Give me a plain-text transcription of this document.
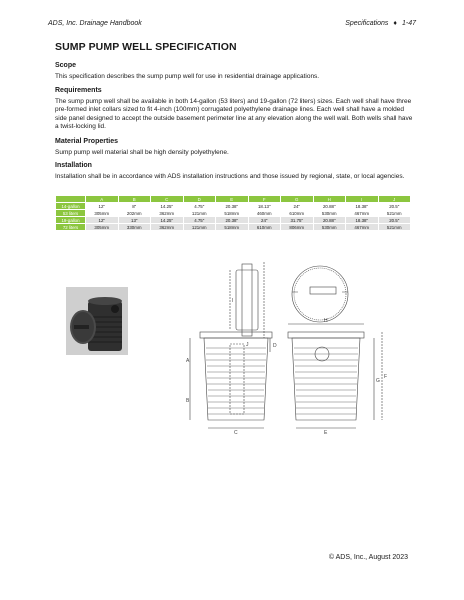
ADS, Inc. Drainage Handbook	Specifications ♦ 1-47
SUMP PUMP WELL SPECIFICATION
Scope

This specification describes the sump pump well for use in residential drainage applications.

Requirements

The sump pump well shall be available in both 14-gallon (53 liters) and 19-gallon (72 liters) sizes. Each well shall have three pre-formed inlet collars sized to fit 4-inch (100mm) corrugated polyethylene drainage lines. Each well shall have a molded side panel designed to accept the outside basement perimeter line at any elevation along the well wall. Both wells shall have a twist-locking lid.

Material Properties

Sump pump well material shall be high density polyethylene.

Installation

Installation shall be in accordance with ADS installation instructions and those issued by regional, state, or local agencies.

	A	B	C	D	E	F	G	H	I	J
14-gallon	12"	8"	14.25"	4.75"	20.38"	18.13"	24"	20.88"	18.38"	20.5"
53 liters	305mm	202mm	362mm	121mm	518mm	460mm	610mm	530mm	467mm	521mm
19-gallon	12"	13"	14.25"	4.75"	20.38"	24"	31.75"	20.88"	18.38"	20.5"
72 liters	305mm	330mm	362mm	121mm	518mm	610mm	806mm	530mm	467mm	521mm
A
B
C
D
E
F
G
H
I
J
© ADS, Inc., August 2023
